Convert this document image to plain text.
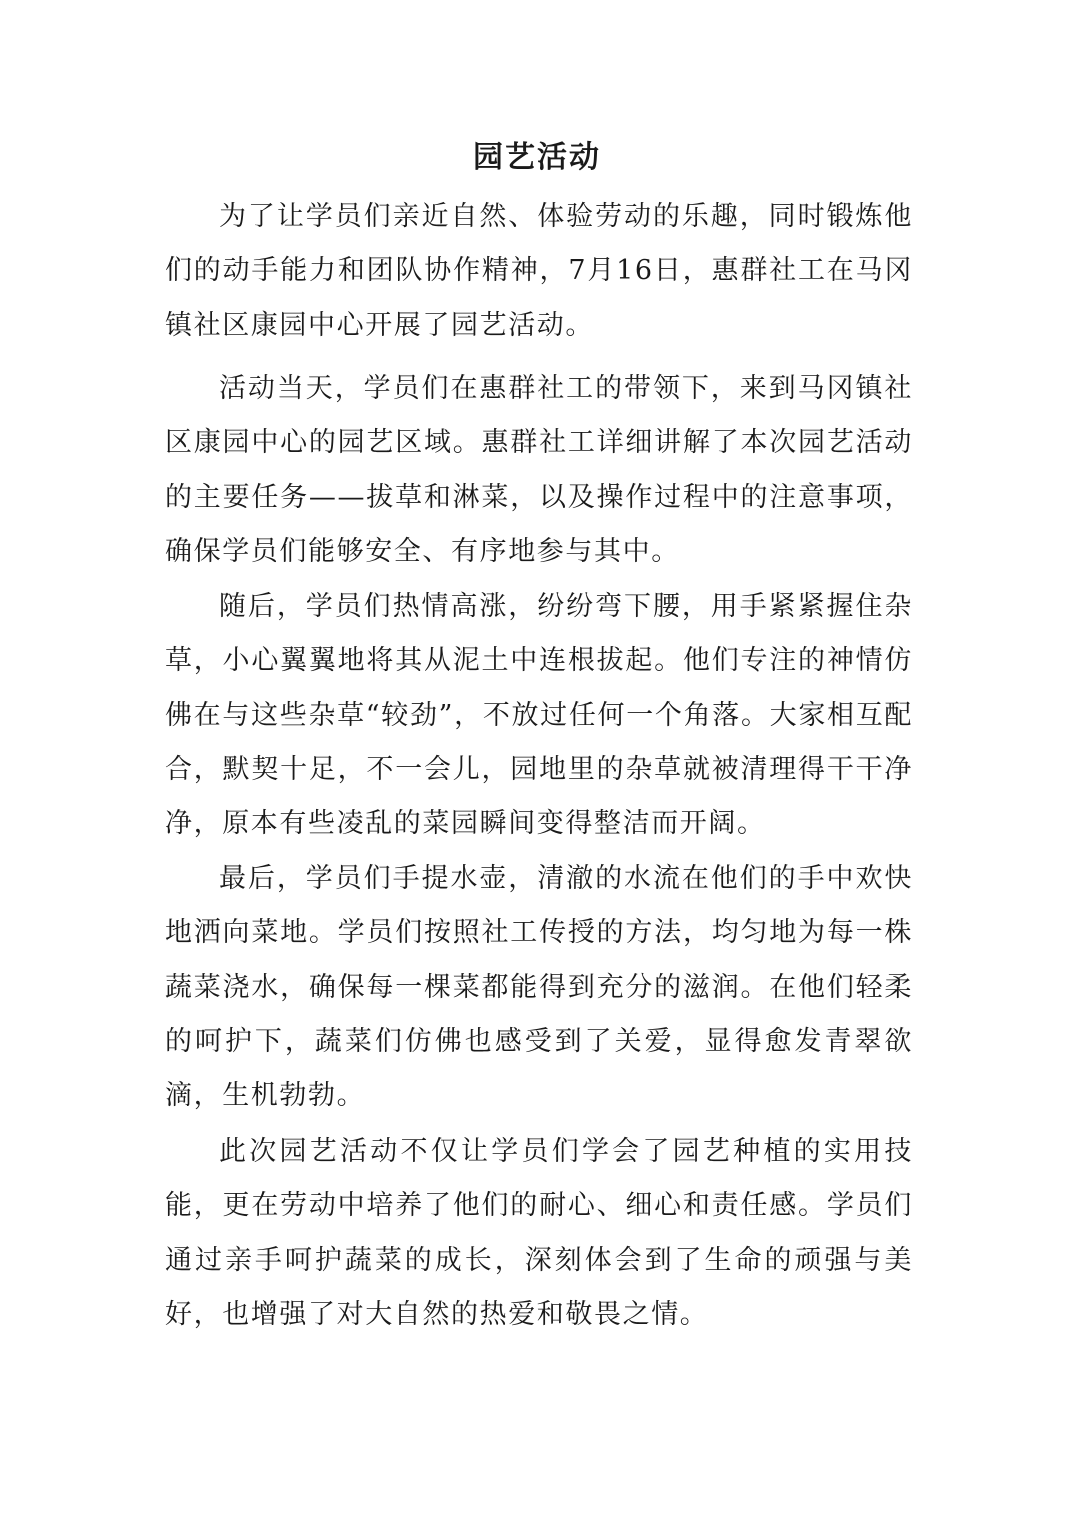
园艺活动

为了让学员们亲近自然、体验劳动的乐趣，同时锻炼他们的动手能力和团队协作精神，7月16日，惠群社工在马冈镇社区康园中心开展了园艺活动。

活动当天，学员们在惠群社工的带领下，来到马冈镇社区康园中心的园艺区域。惠群社工详细讲解了本次园艺活动的主要任务——拔草和淋菜，以及操作过程中的注意事项，确保学员们能够安全、有序地参与其中。

随后，学员们热情高涨，纷纷弯下腰，用手紧紧握住杂草，小心翼翼地将其从泥土中连根拔起。他们专注的神情仿佛在与这些杂草“较劲”，不放过任何一个角落。大家相互配合，默契十足，不一会儿，园地里的杂草就被清理得干干净净，原本有些凌乱的菜园瞬间变得整洁而开阔。

最后，学员们手提水壶，清澈的水流在他们的手中欢快地洒向菜地。学员们按照社工传授的方法，均匀地为每一株蔬菜浇水，确保每一棵菜都能得到充分的滋润。在他们轻柔的呵护下，蔬菜们仿佛也感受到了关爱，显得愈发青翠欲滴，生机勃勃。

此次园艺活动不仅让学员们学会了园艺种植的实用技能，更在劳动中培养了他们的耐心、细心和责任感。学员们通过亲手呵护蔬菜的成长，深刻体会到了生命的顽强与美好，也增强了对大自然的热爱和敬畏之情。
